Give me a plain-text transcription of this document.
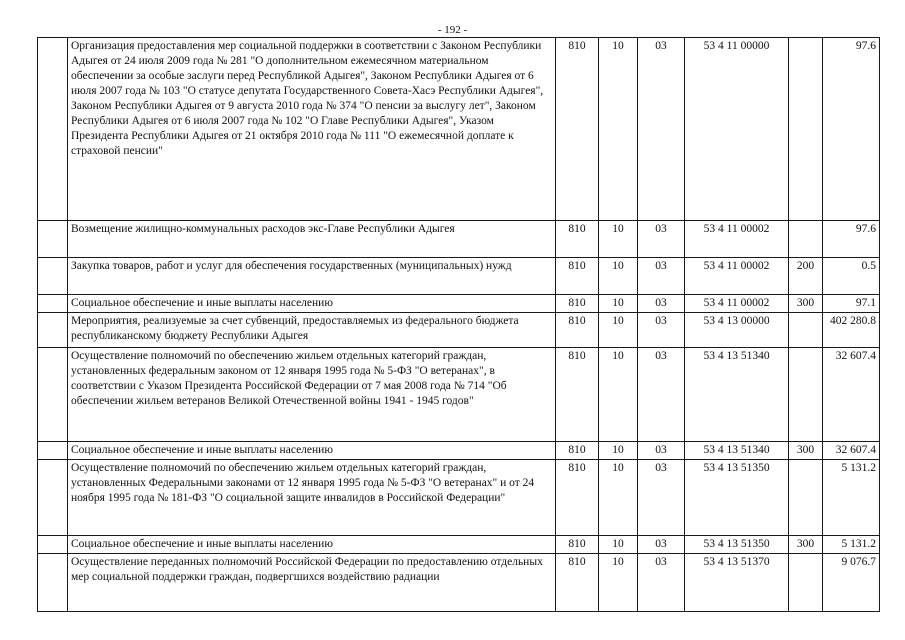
- 192 -
	Организация предоставления мер социальной поддержки в соответствии с Законом Республики Адыгея от 24 июля 2009 года № 281 "О дополнительном ежемесячном материальном обеспечении за особые заслуги перед Республикой Адыгея", Законом Республики Адыгея от 6 июля 2007 года № 103 "О статусе депутата Государственного Совета-Хасэ Республики Адыгея", Законом Республики Адыгея от 9 августа 2010 года № 374 "О пенсии за выслугу лет", Законом Республики Адыгея от 6 июля 2007 года № 102 "О Главе Республики Адыгея", Указом Президента Республики Адыгея от 21 октября 2010 года № 111 "О ежемесячной доплате к страховой пенсии"	810	10	03	53 4 11 00000		97.6
	Возмещение жилищно-коммунальных расходов экс-Главе Республики Адыгея	810	10	03	53 4 11 00002		97.6
	Закупка товаров, работ и услуг для обеспечения государственных (муниципальных) нужд	810	10	03	53 4 11 00002	200	0.5
	Социальное обеспечение и иные выплаты населению	810	10	03	53 4 11 00002	300	97.1
	Мероприятия, реализуемые за счет субвенций, предоставляемых из федерального бюджета республиканскому бюджету Республики Адыгея	810	10	03	53 4 13 00000		402 280.8
	Осуществление полномочий по обеспечению жильем отдельных категорий граждан, установленных федеральным законом от 12 января 1995 года № 5-ФЗ "О ветеранах", в соответствии с Указом Президента Российской Федерации от 7 мая 2008 года № 714 "Об обеспечении жильем ветеранов Великой Отечественной войны 1941 - 1945 годов"	810	10	03	53 4 13 51340		32 607.4
	Социальное обеспечение и иные выплаты населению	810	10	03	53 4 13 51340	300	32 607.4
	Осуществление полномочий по обеспечению жильем отдельных категорий граждан, установленных Федеральными законами от 12 января 1995 года № 5-ФЗ "О ветеранах" и от 24 ноября 1995 года № 181-ФЗ "О социальной защите инвалидов в Российской Федерации"	810	10	03	53 4 13 51350		5 131.2
	Социальное обеспечение и иные выплаты населению	810	10	03	53 4 13 51350	300	5 131.2
	Осуществление переданных полномочий Российской Федерации по предоставлению отдельных мер социальной поддержки граждан, подвергшихся воздействию радиации	810	10	03	53 4 13 51370		9 076.7
